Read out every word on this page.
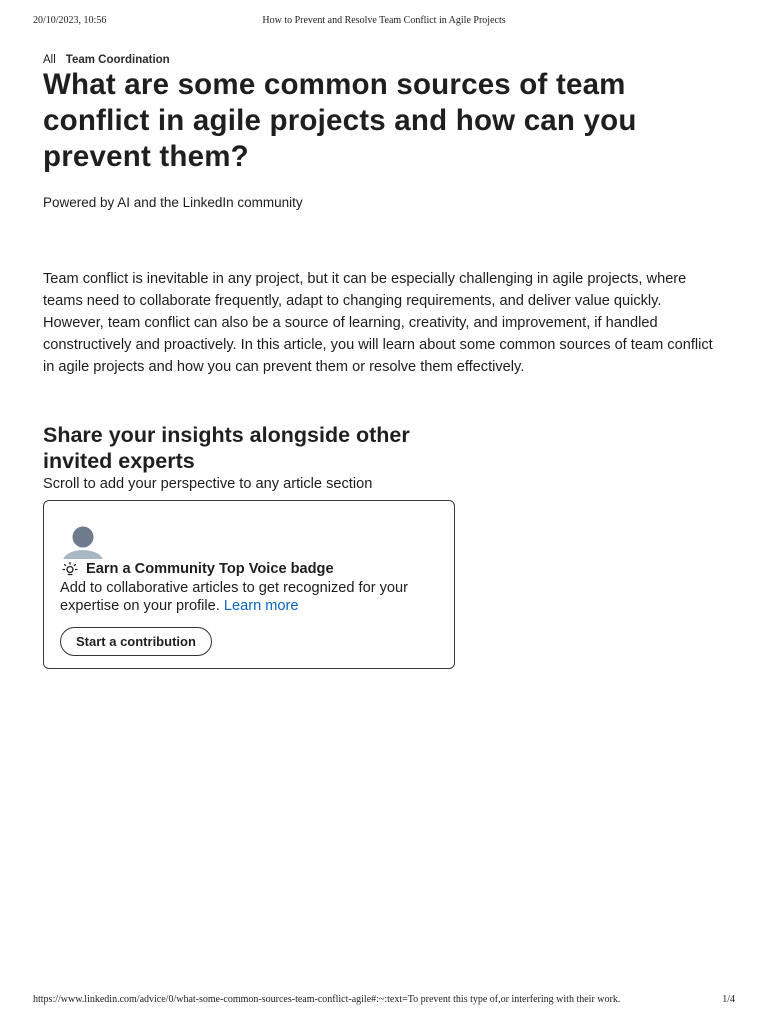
20/10/2023, 10:56	How to Prevent and Resolve Team Conflict in Agile Projects
All Team Coordination
What are some common sources of team conflict in agile projects and how can you prevent them?
Powered by AI and the LinkedIn community

Team conflict is inevitable in any project, but it can be especially challenging in agile projects, where teams need to collaborate frequently, adapt to changing requirements, and deliver value quickly. However, team conflict can also be a source of learning, creativity, and improvement, if handled constructively and proactively. In this article, you will learn about some common sources of team conflict in agile projects and how you can prevent them or resolve them effectively.

Share your insights alongside other invited experts
Scroll to add your perspective to any article section
Earn a Community Top Voice badge

Add to collaborative articles to get recognized for your expertise on your profile. Learn more

Start a contribution
https://www.linkedin.com/advice/0/what-some-common-sources-team-conflict-agile#:~:text=To prevent this type of,or interfering with their work.	1/4
